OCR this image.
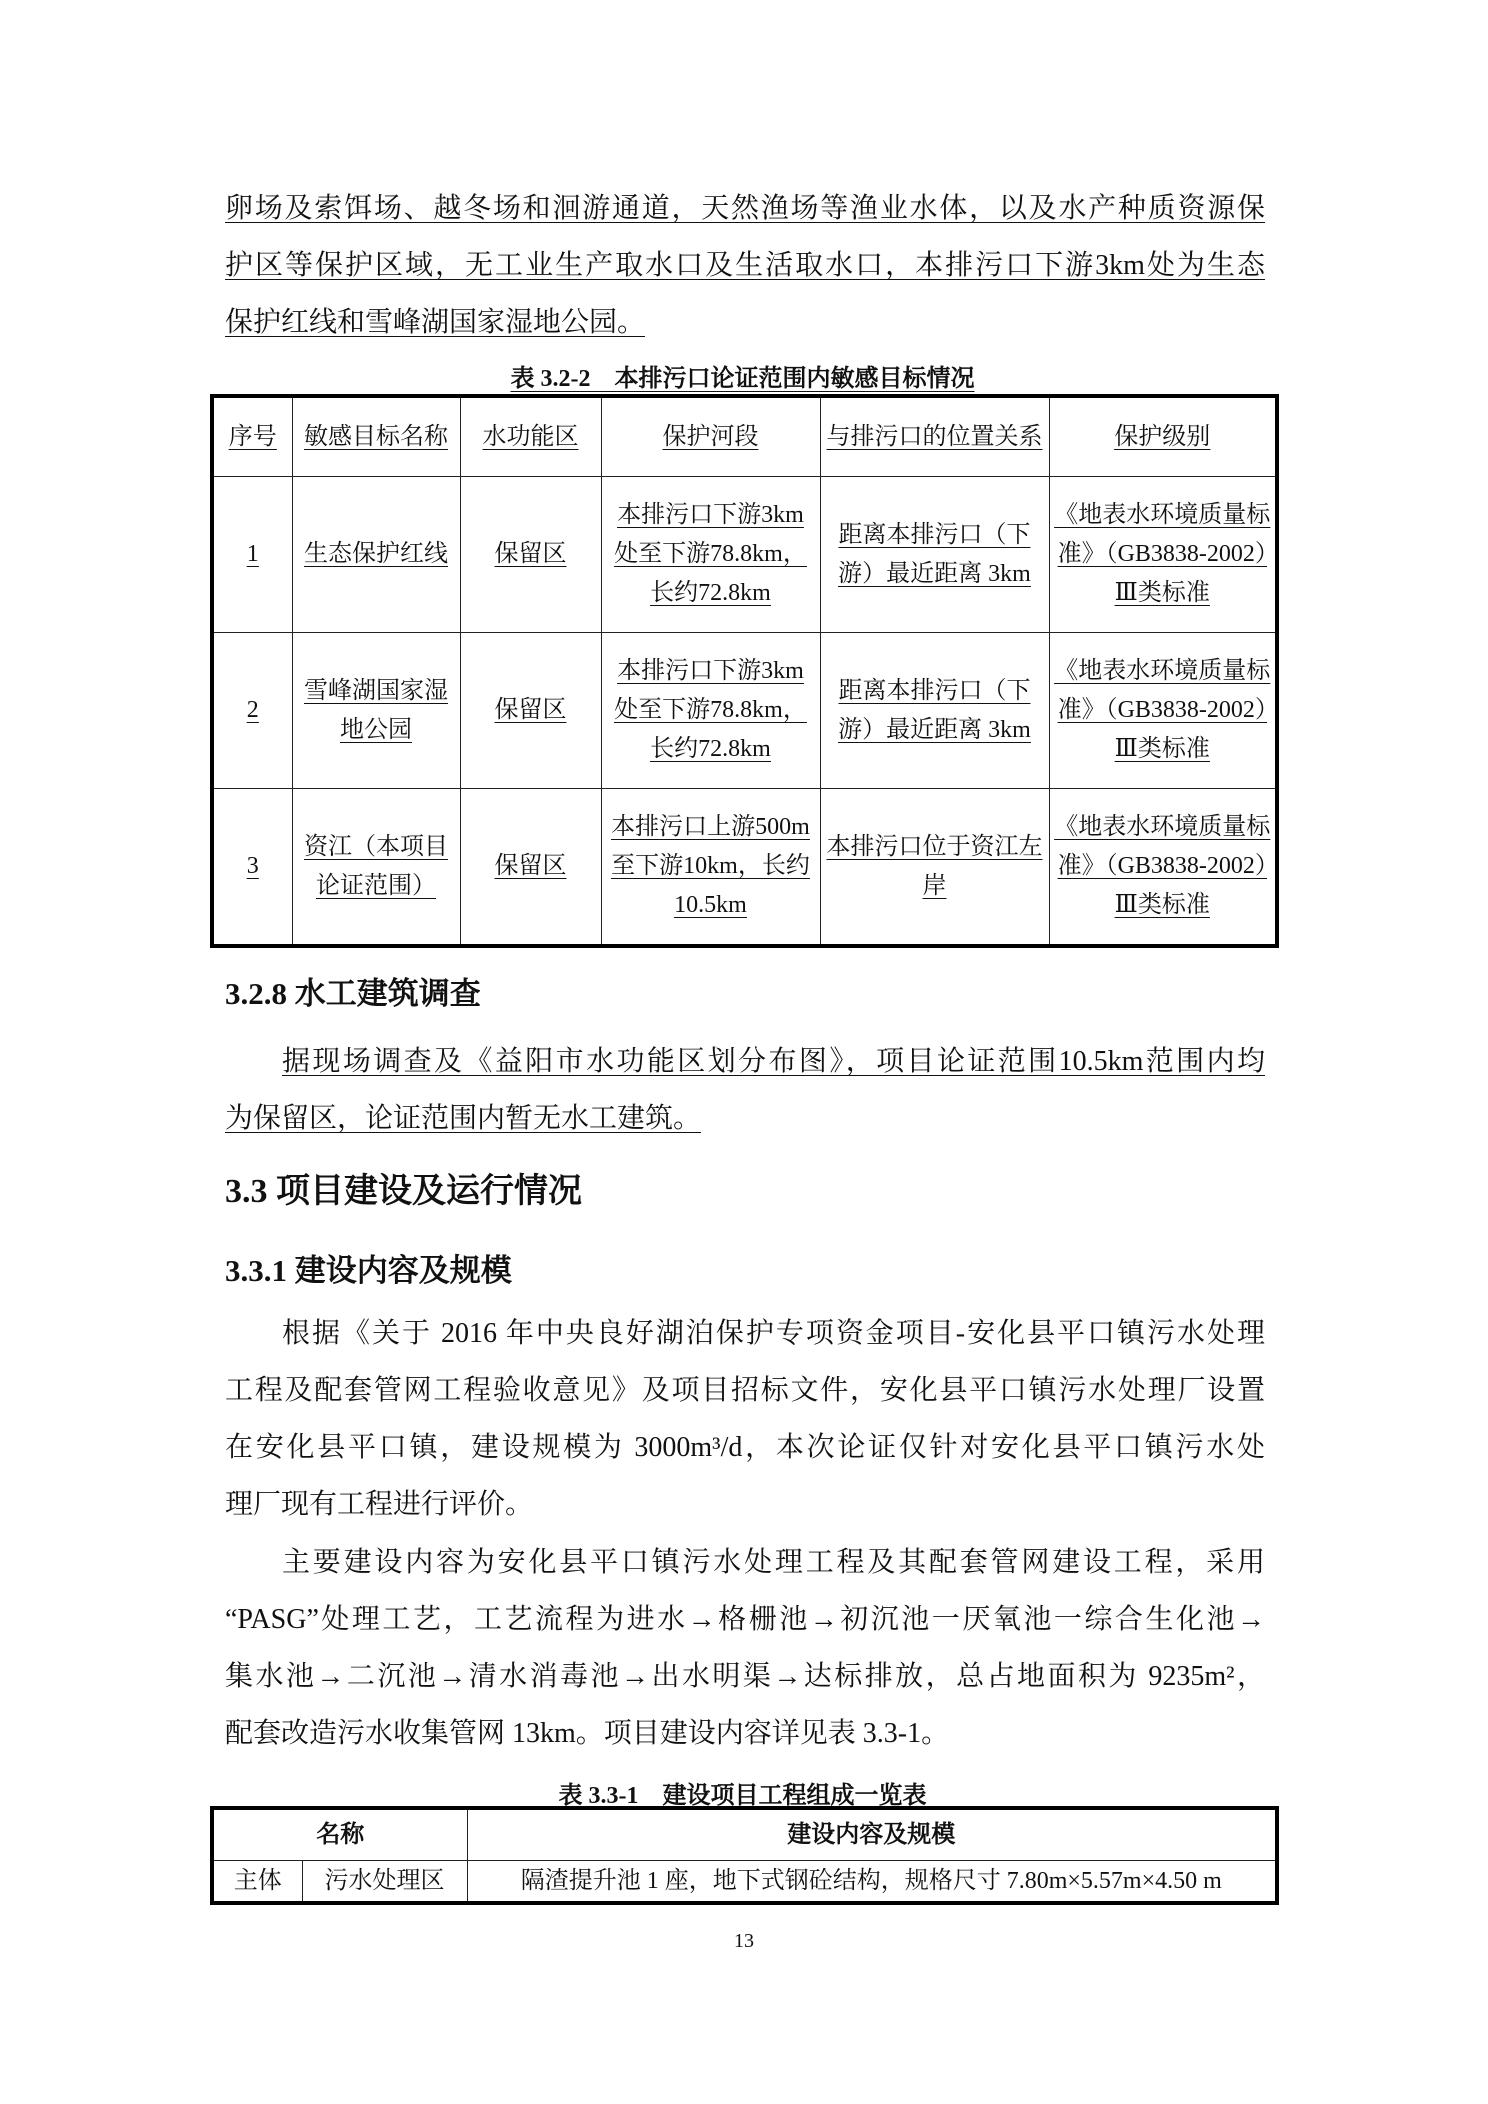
卵场及索饵场、越冬场和洄游通道，天然渔场等渔业水体，以及水产种质资源保
护区等保护区域，无工业生产取水口及生活取水口，本排污口下游3km处为生态
保护红线和雪峰湖国家湿地公园。
表 3.2-2　本排污口论证范围内敏感目标情况
序号	敏感目标名称	水功能区	保护河段	与排污口的位置关系	保护级别
1	生态保护红线	保留区	本排污口下游3km 处至下游78.8km，长约72.8km	距离本排污口（下游）最近距离 3km	《地表水环境质量标准》（GB3838-2002）Ⅲ类标准
2	雪峰湖国家湿地公园	保留区	本排污口下游3km 处至下游78.8km，长约72.8km	距离本排污口（下游）最近距离 3km	《地表水环境质量标准》（GB3838-2002）Ⅲ类标准
3	资江（本项目论证范围）	保留区	本排污口上游500m 至下游10km，长约10.5km	本排污口位于资江左岸	《地表水环境质量标准》（GB3838-2002）Ⅲ类标准
3.2.8 水工建筑调查
据现场调查及《益阳市水功能区划分布图》，项目论证范围10.5km范围内均
为保留区，论证范围内暂无水工建筑。
3.3 项目建设及运行情况
3.3.1 建设内容及规模
根据《关于 2016 年中央良好湖泊保护专项资金项目-安化县平口镇污水处理
工程及配套管网工程验收意见》及项目招标文件，安化县平口镇污水处理厂设置
在安化县平口镇，建设规模为 3000m³/d，本次论证仅针对安化县平口镇污水处
理厂现有工程进行评价。
主要建设内容为安化县平口镇污水处理工程及其配套管网建设工程，采用
“PASG”处理工艺，工艺流程为进水→格栅池→初沉池一厌氧池一综合生化池→
集水池→二沉池→清水消毒池→出水明渠→达标排放，总占地面积为 9235m²，
配套改造污水收集管网 13km。项目建设内容详见表 3.3-1。
表 3.3-1　建设项目工程组成一览表
名称		建设内容及规模
主体	污水处理区	隔渣提升池 1 座，地下式钢砼结构，规格尺寸 7.80m×5.57m×4.50 m
13
